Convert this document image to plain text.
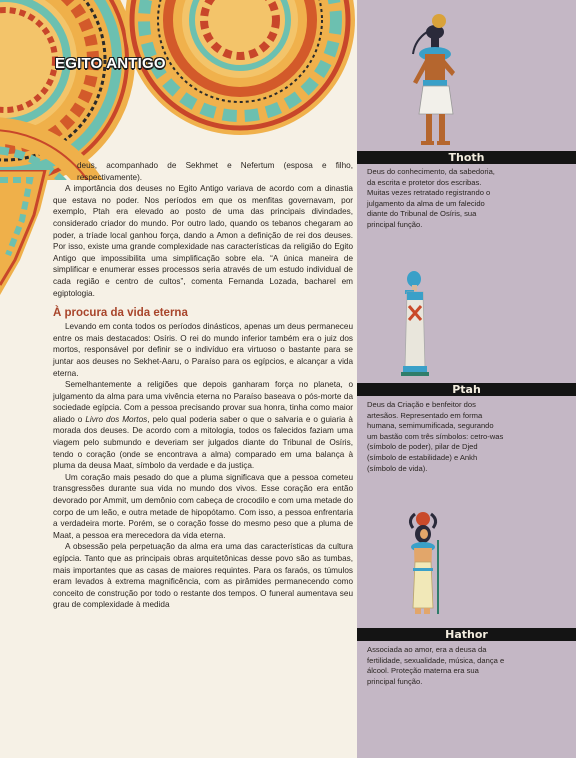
EGITO ANTIGO

deus, acompanhado de Sekhmet e Nefertum (esposa e filho, respectivamente).

A importância dos deuses no Egito Antigo variava de acordo com a dinastia que estava no poder. Nos períodos em que os menfitas governavam, por exemplo, Ptah era elevado ao posto de uma das principais divindades, considerado criador do mundo. Por outro lado, quando os tebanos chegaram ao poder, a tríade local ganhou força, dando a Amon a definição de rei dos deuses. Por isso, existe uma grande complexidade nas características da religião do Egito Antigo que impossibilita uma simplificação sobre ela. “A única maneira de simplificar e enumerar esses processos seria através de um estudo individual de cada região e centro de cultos”, comenta Fernanda Lozada, bacharel em egiptologia.

À procura da vida eterna

Levando em conta todos os períodos dinásticos, apenas um deus permaneceu entre os mais destacados: Osíris. O rei do mundo inferior também era o juiz dos mortos, responsável por definir se o indivíduo era virtuoso o bastante para se juntar aos deuses no Sekhet-Aaru, o Paraíso para os egípcios, e alcançar a vida eterna.

Semelhantemente a religiões que depois ganharam força no planeta, o julgamento da alma para uma vivência eterna no Paraíso baseava o pós-morte da sociedade egípcia. Com a pessoa precisando provar sua honra, tinha como maior aliado o Livro dos Mortos, pelo qual poderia saber o que o salvaria e o guiaria à morada dos deuses. De acordo com a mitologia, todos os falecidos faziam uma viagem pelo submundo e deveriam ser julgados diante do Tribunal de Osíris, tendo o coração (onde se encontrava a alma) comparado em uma balança à pluma da deusa Maat, símbolo da verdade e da justiça.

Um coração mais pesado do que a pluma significava que a pessoa cometeu transgressões durante sua vida no mundo dos vivos. Esse coração era então devorado por Ammit, um demônio com cabeça de crocodilo e com uma metade do corpo de um leão, e outra metade de hipopótamo. Com isso, a pessoa enfrentaria a verdadeira morte. Porém, se o coração fosse do mesmo peso que a pluma de Maat, a pessoa era merecedora da vida eterna.

A obsessão pela perpetuação da alma era uma das características da cultura egípcia. Tanto que as principais obras arquitetônicas desse povo são as tumbas, mais importantes que as casas de maiores requintes. Para os faraós, os túmulos eram levados à extrema magnificência, com as pirâmides permanecendo como conceito de construção por todo o restante dos tempos. O funeral aumentava seu grau de complexidade à medida

Thoth
Deus do conhecimento, da sabedoria, da escrita e protetor dos escribas. Muitas vezes retratado registrando o julgamento da alma de um falecido diante do Tribunal de Osíris, sua principal função.
Ptah
Deus da Criação e benfeitor dos artesãos. Representado em forma humana, semimumificada, segurando um bastão com três símbolos: cetro-was (símbolo de poder), pilar de Djed (símbolo de estabilidade) e Ankh (símbolo de vida).
Hathor
Associada ao amor, era a deusa da fertilidade, sexualidade, música, dança e álcool. Proteção materna era sua principal função.
